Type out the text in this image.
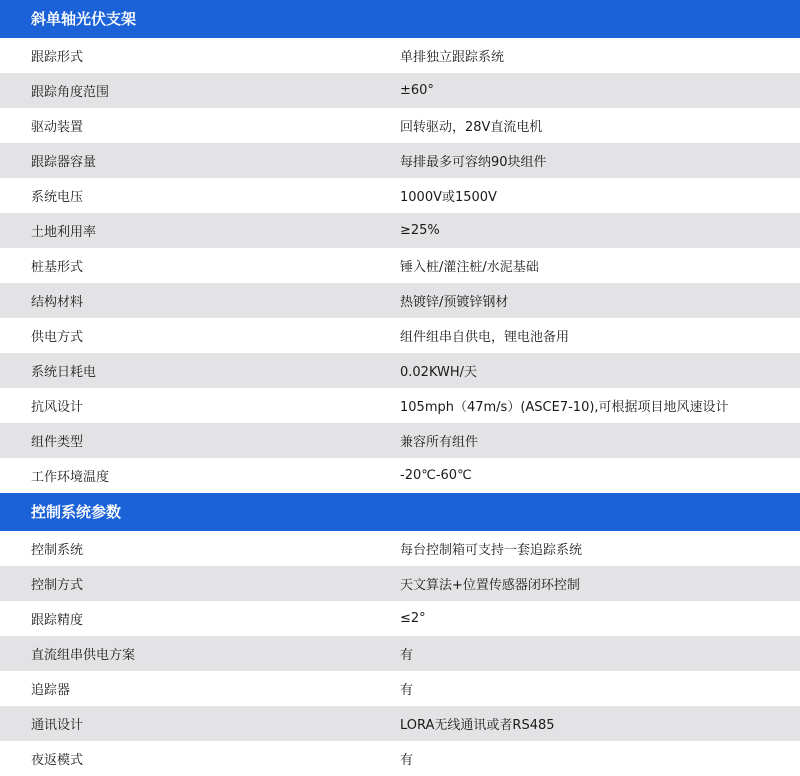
斜单轴光伏支架
跟踪形式	单排独立跟踪系统
跟踪角度范围	±60°
驱动装置	回转驱动，28V直流电机
跟踪器容量	每排最多可容纳90块组件
系统电压	1000V或1500V
土地利用率	≥25%
桩基形式	锤入桩/灌注桩/水泥基础
结构材料	热镀锌/预镀锌钢材
供电方式	组件组串自供电，锂电池备用
系统日耗电	0.02KWH/天
抗风设计	105mph（47m/s）(ASCE7-10),可根据项目地风速设计
组件类型	兼容所有组件
工作环境温度	-20℃-60℃
控制系统参数
控制系统	每台控制箱可支持一套追踪系统
控制方式	天文算法+位置传感器闭环控制
跟踪精度	≤2°
直流组串供电方案	有
追踪器	有
通讯设计	LORA无线通讯或者RS485
夜返模式	有
